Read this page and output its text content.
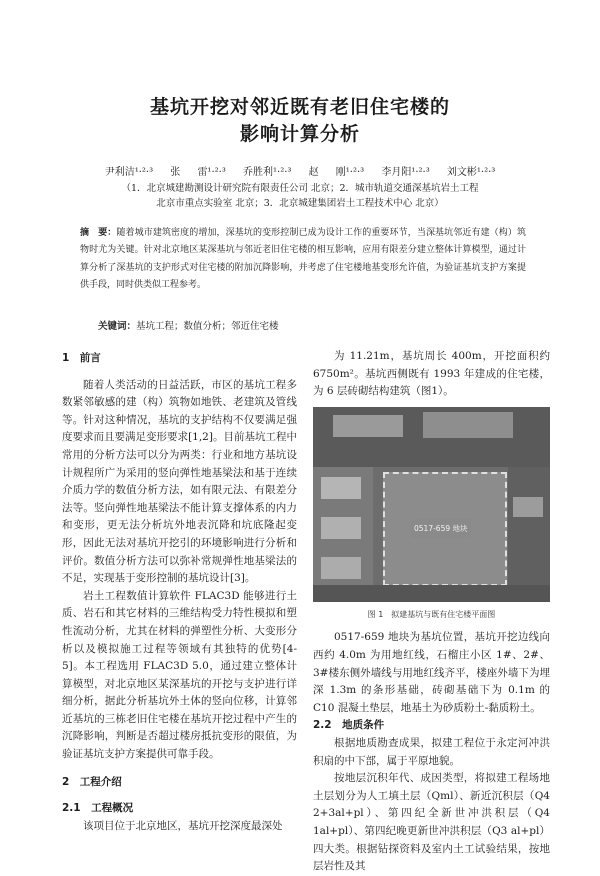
基坑开挖对邻近既有老旧住宅楼的
影响计算分析
尹利洁¹·²·³ 张 雷¹·²·³ 乔胜利¹·²·³ 赵 刚¹·²·³ 李月阳¹·²·³ 刘文彬¹·²·³
（1．北京城建勘测设计研究院有限责任公司 北京；2．城市轨道交通深基坑岩土工程
北京市重点实验室 北京；3．北京城建集团岩土工程技术中心 北京）
摘　要：随着城市建筑密度的增加，深基坑的变形控制已成为设计工作的重要环节，当深基坑邻近有建（构）筑物时尤为关键。针对北京地区某深基坑与邻近老旧住宅楼的相互影响，应用有限差分建立整体计算模型，通过计算分析了深基坑的支护形式对住宅楼的附加沉降影响，并考虑了住宅楼地基变形允许值，为验证基坑支护方案提供手段，同时供类似工程参考。
关键词：基坑工程；数值分析；邻近住宅楼
1　前言

随着人类活动的日益活跃，市区的基坑工程多数紧邻敏感的建（构）筑物如地铁、老建筑及管线等。针对这种情况，基坑的支护结构不仅要满足强度要求而且要满足变形要求[1,2]。目前基坑工程中常用的分析方法可以分为两类：行业和地方基坑设计规程所广为采用的竖向弹性地基梁法和基于连续介质力学的数值分析方法，如有限元法、有限差分法等。竖向弹性地基梁法不能计算支撑体系的内力和变形，更无法分析坑外地表沉降和坑底隆起变形，因此无法对基坑开挖引的环境影响进行分析和评价。数值分析方法可以弥补常规弹性地基梁法的不足，实现基于变形控制的基坑设计[3]。

岩土工程数值计算软件 FLAC3D 能够进行土质、岩石和其它材料的三维结构受力特性模拟和塑性流动分析，尤其在材料的弹塑性分析、大变形分析以及模拟施工过程等领域有其独特的优势[4-5]。本工程选用 FLAC3D 5.0，通过建立整体计算模型，对北京地区某深基坑的开挖与支护进行详细分析，据此分析基坑外土体的竖向位移，计算邻近基坑的三栋老旧住宅楼在基坑开挖过程中产生的沉降影响，判断是否超过楼房抵抗变形的限值，为验证基坑支护方案提供可靠手段。

2　工程介绍
2.1　工程概况

该项目位于北京地区，基坑开挖深度最深处

为 11.21m，基坑周长 400m，开挖面积约 6750m²。基坑西侧既有 1993 年建成的住宅楼，为 6 层砖砌结构建筑（图1）。

0517-659 地块
图 1　拟建基坑与既有住宅楼平面图

0517-659 地块为基坑位置，基坑开挖边线向西约 4.0m 为用地红线，石榴庄小区 1#、2#、3#楼东侧外墙线与用地红线齐平，楼座外墙下为埋深 1.3m 的条形基础，砖砌基础下为 0.1m 的 C10 混凝土垫层，地基土为砂质粉土-黏质粉土。

2.2　地质条件

根据地质勘查成果，拟建工程位于永定河冲洪积扇的中下部，属于平原地貌。

按地层沉积年代、成因类型，将拟建工程场地土层划分为人工填土层（Qml）、新近沉积层（Q4 2+3al+pl）、第四纪全新世冲洪积层（Q4 1al+pl）、第四纪晚更新世冲洪积层（Q3 al+pl）四大类。根据钻探资料及室内土工试验结果，按地层岩性及其
